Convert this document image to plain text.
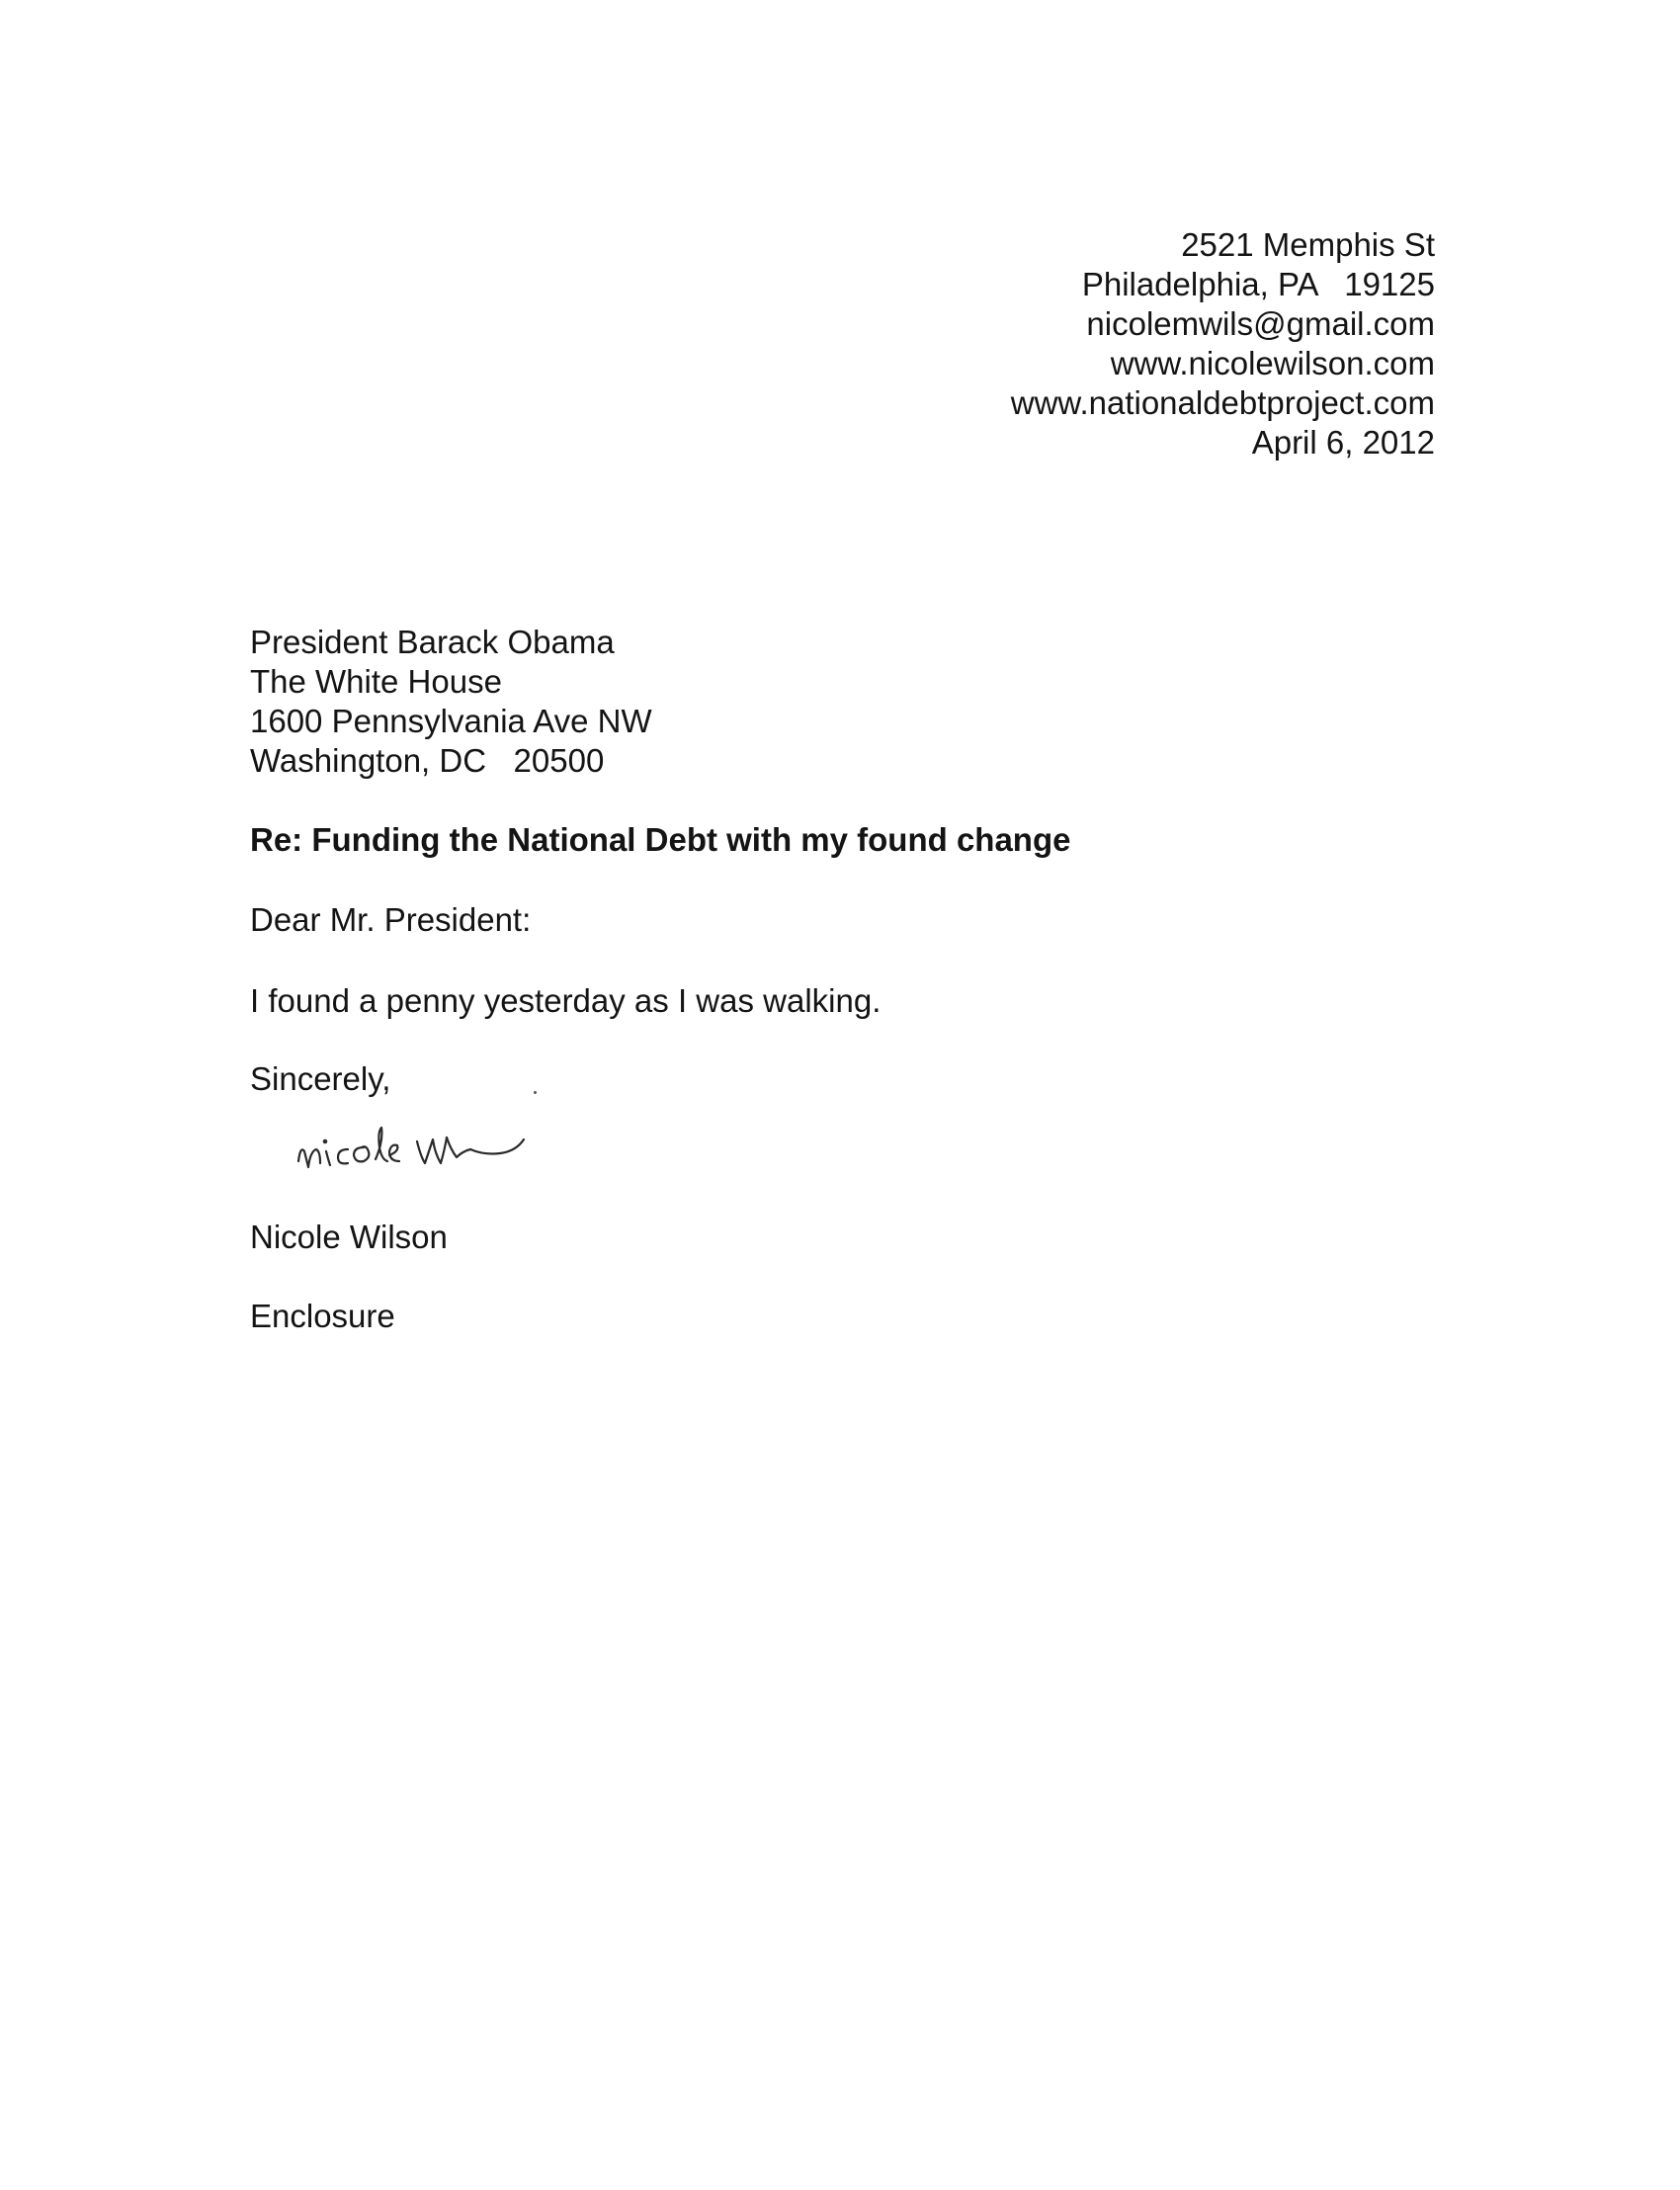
2521 Memphis St
Philadelphia, PA   19125
nicolemwils@gmail.com
www.nicolewilson.com
www.nationaldebtproject.com
April 6, 2012
President Barack Obama
The White House
1600 Pennsylvania Ave NW
Washington, DC   20500
Re: Funding the National Debt with my found change
Dear Mr. President:
I found a penny yesterday as I was walking.
Sincerely,
Nicole Wilson
Enclosure
